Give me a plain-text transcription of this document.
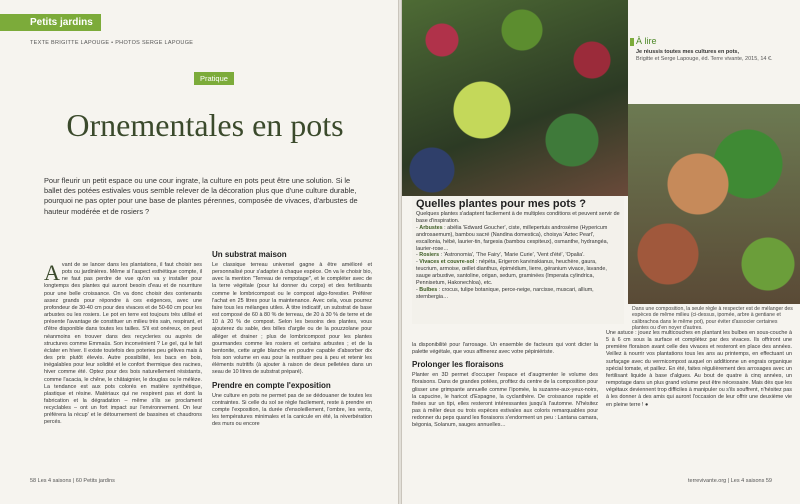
Petits jardins
TEXTE BRIGITTE LAPOUGE • PHOTOS SERGE LAPOUGE
Pratique
Ornementales en pots
Pour fleurir un petit espace ou une cour ingrate, la culture en pots peut être une solution. Si le ballet des potées estivales vous semble relever de la décoration plus que d'une culture durable, pourquoi ne pas opter pour une base de plantes pérennes, composée de vivaces, d'arbustes de hauteur modérée et de rosiers ?
A vant de se lancer dans les plantations, il faut choisir ses pots ou jardinières. Même si l'aspect esthétique compte, il ne faut pas perdre de vue qu'on va y installer pour longtemps des plantes qui auront besoin d'eau et de nourriture pour une belle croissance. On va donc choisir des contenants assez grands pour répondre à ces exigences, avec une profondeur de 30-40 cm pour des vivaces et de 50-60 cm pour les arbustes ou les rosiers. Le pot en terre est toujours très utilisé et présente l'avantage de constituer un milieu très sain, respirant, et d'être disponible dans toutes les tailles. S'il est onéreux, on peut néanmoins en trouver dans des recycleries ou auprès de structures comme Emmaüs. Son inconvénient ? Le gel, qui le fait éclater en hiver. Il existe toutefois des poteries peu gélives mais à des prix plutôt élevés. Autre possibilité, les bacs en bois, inégalables pour leur solidité et le confort thermique des racines, hiver comme été. Optez pour des bois naturellement résistants, comme l'acacia, le chêne, le châtaignier, le douglas ou le mélèze. La tendance est aux pots colorés en matière synthétique, plastique et résine. Matériaux qui ne respirent pas et dont la fabrication et la dégradation – même s'ils se proclament recyclables – ont un fort impact sur l'environnement. On leur préférera la récup' et le détournement de bassines et chaudrons percés.

Un substrat maison

Le classique terreau universel gagne à être amélioré et personnalisé pour s'adapter à chaque espèce. On va le choisir bio, avec la mention "Terreau de rempotage", et le compléter avec de la terre végétale (pour lui donner du corps) et des fertilisants comme le lombricompost ou le compost algo-forestier. Préférer l'achat en 25 litres pour la maintenance. Avec cela, vous pourrez faire tous les mélanges utiles. À titre indicatif, un substrat de base est composé de 60 à 80 % de terreau, de 20 à 30 % de terre et de 10 à 20 % de compost. Selon les besoins des plantes, vous ajouterez du sable, des billes d'argile ou de la pouzzolane pour alléger et drainer ; plus de lombricompost pour les plantes gourmandes comme les rosiers et certains arbustes ; et de la bentonite, cette argile blanche en poudre capable d'absorber dix fois son volume en eau pour la restituer peu à peu et retenir les éléments nutritifs (à ajouter à raison de deux pelletées dans un seau de 10 litres de substrat préparé).

Prendre en compte l'exposition

Une culture en pots ne permet pas de se dédouaner de toutes les contraintes. Si celle du sol se règle facilement, reste à prendre en compte l'exposition, la durée d'ensoleillement, l'ombre, les vents, les températures minimales et la canicule en été, la réverbération des murs ou encore

58 Les 4 saisons | 60 Petits jardins
À lire
Je réussis toutes mes cultures en pots,
Brigitte et Serge Lapouge, éd. Terre vivante, 2015, 14 €.
Quelles plantes pour mes pots ?

Quelques plantes s'adaptent facilement à de multiples conditions et peuvent servir de base d'inspiration.

- Arbustes : abélia 'Edward Goucher', ciste, millepertuis androsème (Hypericum androsaemum), bambou sacré (Nandina domestica), choisya 'Aztec Pearl', escallonia, hébé, laurier-tin, fargesia (bambou cespiteux), osmanthe, hydrangéa, laurier-rose…

- Rosiers : 'Astronomia', 'The Fairy', 'Marie Curie', 'Vent d'été', 'Opalia'.

- Vivaces et couvre-sol : népéta, Erigeron karvinskianus, heuchère, gaura, teucrium, armoise, œillet dianthus, épimédium, lierre, géranium vivace, lavande, sauge arbustive, santoline, origan, sedum, graminées (Imperata cylindrica, Pennisetum, Hakonechloa), etc.

- Bulbes : crocus, tulipe botanique, perce-neige, narcisse, muscari, allium, sternbergia…

Dans une composition, la seule règle à respecter est de mélanger des espèces de même milieu (ci-dessus, ipomée, arbre à gentiane et calibrachoa dans le même pot), pour éviter d'associer certaines plantes ou d'en noyer d'autres.

la disponibilité pour l'arrosage. Un ensemble de facteurs qui vont dicter la palette végétale, que vous affinerez avec votre pépiniériste.

Prolonger les floraisons

Planter en 3D permet d'occuper l'espace et d'augmenter le volume des floraisons. Dans de grandes potées, profitez du centre de la composition pour glisser une grimpante annuelle comme l'ipomée, la suzanne-aux-yeux-noirs, la capucine, le haricot d'Espagne, la cyclanthère. De croissance rapide et fixées sur un tipi, elles resteront intéressantes jusqu'à l'automne. N'hésitez pas à mêler deux ou trois espèces estivales aux coloris remarquables pour redonner du peps quand les floraisons s'endorment un peu : Lantana camara, bégonia, Solanum, sauges annuelles…

Une astuce : jouez les multicouches en plantant les bulbes en sous-couche à 5 à 6 cm sous la surface et complétez par des vivaces. Ils offriront une première floraison avant celle des vivaces et resteront en place des années. Veillez à nourrir vos plantations tous les ans au printemps, en effectuant un surfaçage avec du vermicompost auquel on additionne un engrais organique spécial tomate, et paillez. En été, faites régulièrement des arrosages avec un fertilisant liquide à base d'algues. Au bout de quatre à cinq années, un rempotage dans un plus grand volume peut être nécessaire. Mais dès que les végétaux deviennent trop difficiles à manipuler ou s'ils souffrent, n'hésitez pas à les donner à des amis qui auront l'occasion de leur offrir une deuxième vie en pleine terre ! ●

terrevivante.org | Les 4 saisons 59
